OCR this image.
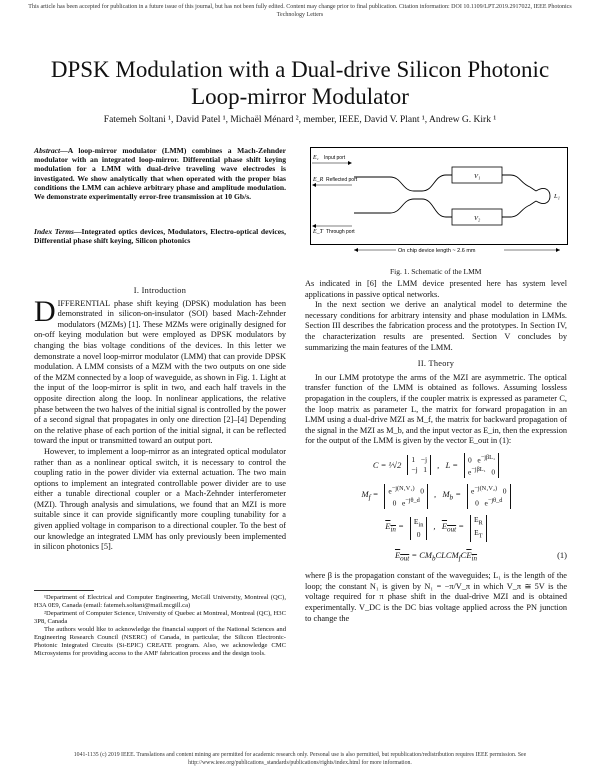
This article has been accepted for publication in a future issue of this journal, but has not been fully edited. Content may change prior to final publication. Citation information: DOI 10.1109/LPT.2019.2917022, IEEE Photonics Technology Letters
DPSK Modulation with a Dual-drive Silicon Photonic Loop-mirror Modulator
Fatemeh Soltani ¹, David Patel ¹, Michaël Ménard ², member, IEEE, David V. Plant ¹, Andrew G. Kirk ¹
Abstract—A loop-mirror modulator (LMM) combines a Mach-Zehnder modulator with an integrated loop-mirror. Differential phase shift keying modulation for a LMM with dual-drive traveling wave electrodes is investigated. We show analytically that when operated with the proper bias conditions the LMM can achieve arbitrary phase and amplitude modulation. We demonstrate experimentally error-free transmission at 10 Gb/s.
Index Terms—Integrated optics devices, Modulators, Electro-optical devices, Differential phase shift keying, Silicon photonics
I. Introduction

DIFFERENTIAL phase shift keying (DPSK) modulation has been demonstrated in silicon-on-insulator (SOI) based Mach-Zehnder modulators (MZMs) [1]. These MZMs were originally designed for on-off keying modulation but were employed as DPSK modulators by changing the bias voltage conditions of the devices. In this letter we demonstrate a novel loop-mirror modulator (LMM) that can provide DPSK modulation. A LMM consists of a MZM with the two outputs on one side of the MZM connected by a loop of waveguide, as shown in Fig. 1. Light at the input of the loop-mirror is split in two, and each half travels in the opposite direction along the loop. In nonlinear applications, the relative phase between the two halves of the initial signal is controlled by the power of a second signal that propagates in only one direction [2]–[4] Depending on the relative phase of each portion of the initial signal, it can be reflected toward the input or transmitted toward an output port.

However, to implement a loop-mirror as an integrated optical modulator rather than as a nonlinear optical switch, it is necessary to control the coupling ratio in the power divider via external actuation. The two main options to implement an integrated controllable power divider are to use either a tunable directional coupler or a Mach-Zehnder interferometer (MZI). Through analysis and simulations, we found that an MZI is more suitable since it can provide significantly more coupling tunability for a given applied voltage in comparison to a directional coupler. To the best of our knowledge an integrated LMM has only previously been implemented in silicon photonics [5].

¹Department of Electrical and Computer Engineering, McGill University, Montreal (QC), H3A 0E9, Canada (email: fatemeh.soltani@mail.mcgill.ca)
²Department of Computer Science, University of Quebec at Montreal, Montreal (QC), H3C 3P8, Canada
The authors would like to acknowledge the financial support of the National Sciences and Engineering Research Council (NSERC) of Canada, in particular, the Silicon Electronic-Photonic Integrated Circuits (Si-EPIC) CREATE program. Also, we acknowledge CMC Microsystems for providing access to the AMF fabrication process and the design tools.
E₁ Input port
E_R Reflected port
E_T Through port
V₁
V₂
L₁
On chip device length ~ 2.6 mm
Fig. 1. Schematic of the LMM

As indicated in [6] the LMM device presented here has system level applications in passive optical networks.

In the next section we derive an analytical model to determine the necessary conditions for arbitrary intensity and phase modulation in LMMs. Section III describes the fabrication process and the prototypes. In Section IV, the characterization results are presented. Section V concludes by summarizing the main features of the LMM.

II. Theory

In our LMM prototype the arms of the MZI are asymmetric. The optical transfer function of the LMM is obtained as follows. Assuming lossless propagation in the couplers, if the coupler matrix is expressed as parameter C, the loop matrix as parameter L, the matrix for forward propagation in an LMM using a dual-drive MZI as M_f, the matrix for backward propagation of the signal in the MZI as M_b, and the input vector as E_in, then the expression for the output of the LMM is given by the vector E_out in (1):

C = ¹⁄√2
1   −j
−j   1 ,   L =
0   $e^{-j\beta L_1}$
$e^{-j\beta L_1}$   0
$M_f = e^{-j(N_1V_1)}$   0
0   $e^{-j\theta\_d}$
,   $M_b = e^{-j(N_1V_2)}$   0
0   $e^{-j\theta\_d}$
$E_{in}$ =
$E_{in}$
0
,   $E_{out}$ =
$E_R$
$E_T$
$E_{out}$ = $CM_bCLCM_fCE_{in}$	(1)

where β is the propagation constant of the waveguides; L₁ is the length of the loop; the constant N₁ is given by N₁ = −π/V_π in which V_π ≅ 5V is the voltage required for π phase shift in the dual-drive MZI and is obtained experimentally. V_DC is the DC bias voltage applied across the PN junction to change the

1041-1135 (c) 2019 IEEE. Translations and content mining are permitted for academic research only. Personal use is also permitted, but republication/redistribution requires IEEE permission. See http://www.ieee.org/publications_standards/publications/rights/index.html for more information.
